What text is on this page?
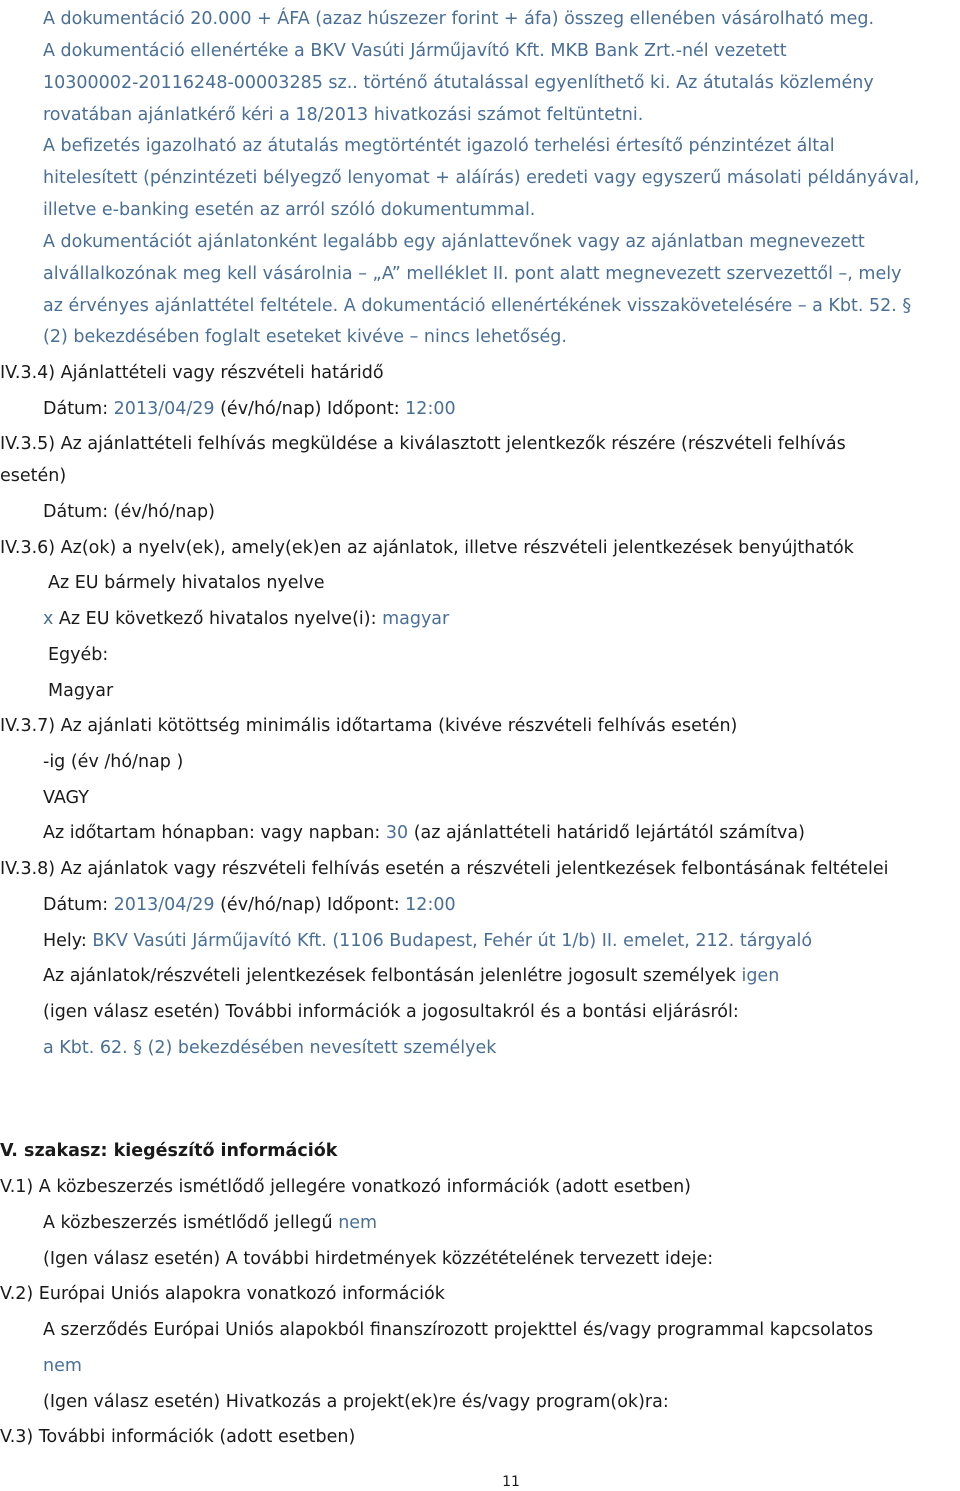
A dokumentáció 20.000 + ÁFA (azaz húszezer forint + áfa) összeg ellenében vásárolható meg.
A dokumentáció ellenértéke a BKV Vasúti Járműjavító Kft. MKB Bank Zrt.-nél vezetett
10300002-20116248-00003285 sz.. történő átutalással egyenlíthető ki. Az átutalás közlemény
rovatában ajánlatkérő kéri a 18/2013 hivatkozási számot feltüntetni.
A befizetés igazolható az átutalás megtörténtét igazoló terhelési értesítő pénzintézet által
hitelesített (pénzintézeti bélyegző lenyomat + aláírás) eredeti vagy egyszerű másolati példányával,
illetve e-banking esetén az arról szóló dokumentummal.
A dokumentációt ajánlatonként legalább egy ajánlattevőnek vagy az ajánlatban megnevezett
alvállalkozónak meg kell vásárolnia – „A” melléklet II. pont alatt megnevezett szervezettől –, mely
az érvényes ajánlattétel feltétele. A dokumentáció ellenértékének visszakövetelésére – a Kbt. 52. §
(2) bekezdésében foglalt eseteket kivéve – nincs lehetőség.
IV.3.4) Ajánlattételi vagy részvételi határidő
Dátum: 2013/04/29 (év/hó/nap) Időpont: 12:00
IV.3.5) Az ajánlattételi felhívás megküldése a kiválasztott jelentkezők részére (részvételi felhívás
esetén)
Dátum: (év/hó/nap)
IV.3.6) Az(ok) a nyelv(ek), amely(ek)en az ajánlatok, illetve részvételi jelentkezések benyújthatók
Az EU bármely hivatalos nyelve
x Az EU következő hivatalos nyelve(i): magyar
Egyéb:
Magyar
IV.3.7) Az ajánlati kötöttség minimális időtartama (kivéve részvételi felhívás esetén)
-ig (év /hó/nap )
VAGY
Az időtartam hónapban: vagy napban: 30 (az ajánlattételi határidő lejártától számítva)
IV.3.8) Az ajánlatok vagy részvételi felhívás esetén a részvételi jelentkezések felbontásának feltételei
Dátum: 2013/04/29 (év/hó/nap) Időpont: 12:00
Hely: BKV Vasúti Járműjavító Kft. (1106 Budapest, Fehér út 1/b) II. emelet, 212. tárgyaló
Az ajánlatok/részvételi jelentkezések felbontásán jelenlétre jogosult személyek igen
(igen válasz esetén) További információk a jogosultakról és a bontási eljárásról:
a Kbt. 62. § (2) bekezdésében nevesített személyek
V. szakasz: kiegészítő információk
V.1) A közbeszerzés ismétlődő jellegére vonatkozó információk (adott esetben)
A közbeszerzés ismétlődő jellegű nem
(Igen válasz esetén) A további hirdetmények közzétételének tervezett ideje:
V.2) Európai Uniós alapokra vonatkozó információk
A szerződés Európai Uniós alapokból finanszírozott projekttel és/vagy programmal kapcsolatos
nem
(Igen válasz esetén) Hivatkozás a projekt(ek)re és/vagy program(ok)ra:
V.3) További információk (adott esetben)
11
